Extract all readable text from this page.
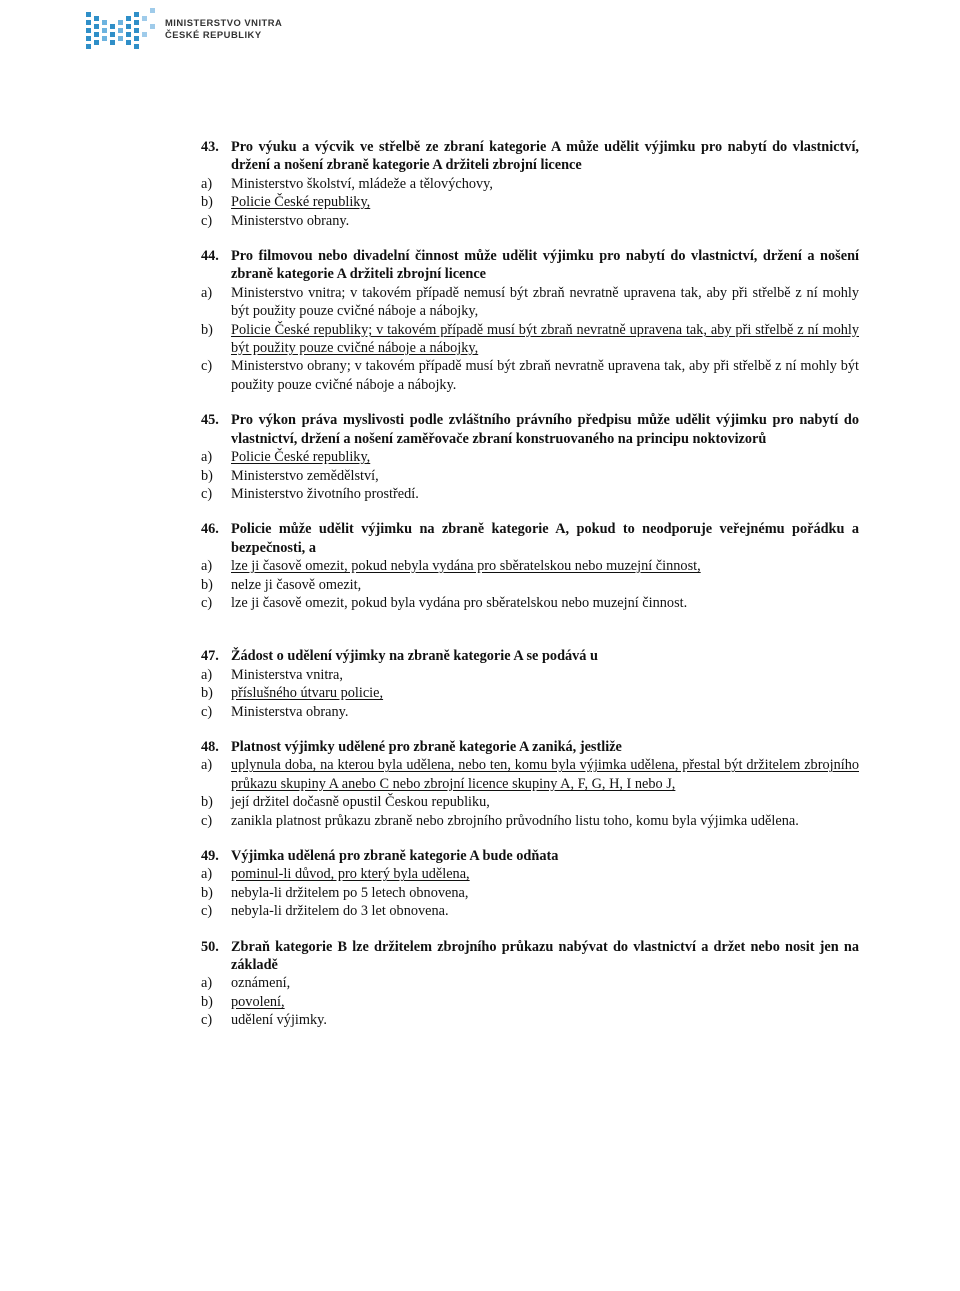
MINISTERSTVO VNITRA
ČESKÉ REPUBLIKY
43. Pro výuku a výcvik ve střelbě ze zbraní kategorie A může udělit výjimku pro nabytí do vlastnictví, držení a nošení zbraně kategorie A držiteli zbrojní licence
a)	Ministerstvo školství, mládeže a tělovýchovy,
b)	Policie České republiky,
c)	Ministerstvo obrany.
44. Pro filmovou nebo divadelní činnost může udělit výjimku pro nabytí do vlastnictví, držení a nošení zbraně kategorie A držiteli zbrojní licence
a)	Ministerstvo vnitra; v takovém případě nemusí být zbraň nevratně upravena tak, aby při střelbě z ní mohly být použity pouze cvičné náboje a nábojky,
b)	Policie České republiky; v takovém případě musí být zbraň nevratně upravena tak, aby při střelbě z ní mohly být použity pouze cvičné náboje a nábojky,
c)	Ministerstvo obrany; v takovém případě musí být zbraň nevratně upravena tak, aby při střelbě z ní mohly být použity pouze cvičné náboje a nábojky.
45. Pro výkon práva myslivosti podle zvláštního právního předpisu může udělit výjimku pro nabytí do vlastnictví, držení a nošení zaměřovače zbraní konstruovaného na principu noktovizorů
a)	Policie České republiky,
b)	Ministerstvo zemědělství,
c)	Ministerstvo životního prostředí.
46. Policie může udělit výjimku na zbraně kategorie A, pokud to neodporuje veřejnému pořádku a bezpečnosti, a
a)	lze ji časově omezit, pokud nebyla vydána pro sběratelskou nebo muzejní činnost,
b)	nelze ji časově omezit,
c)	lze ji časově omezit, pokud byla vydána pro sběratelskou nebo muzejní činnost.
47. Žádost o udělení výjimky na zbraně kategorie A se podává u
a)	Ministerstva vnitra,
b)	příslušného útvaru policie,
c)	Ministerstva obrany.
48. Platnost výjimky udělené pro zbraně kategorie A zaniká, jestliže
a)	uplynula doba, na kterou byla udělena, nebo ten, komu byla výjimka udělena, přestal být držitelem zbrojního průkazu skupiny A anebo C nebo zbrojní licence skupiny A, F, G, H, I nebo J,
b)	její držitel dočasně opustil Českou republiku,
c)	zanikla platnost průkazu zbraně nebo zbrojního průvodního listu toho, komu byla výjimka udělena.
49. Výjimka udělená pro zbraně kategorie A bude odňata
a)	pominul-li důvod, pro který byla udělena,
b)	nebyla-li držitelem po 5 letech obnovena,
c)	nebyla-li držitelem do 3 let obnovena.
50. Zbraň kategorie B lze držitelem zbrojního průkazu nabývat do vlastnictví a držet nebo nosit jen na základě
a)	oznámení,
b)	povolení,
c)	udělení výjimky.
